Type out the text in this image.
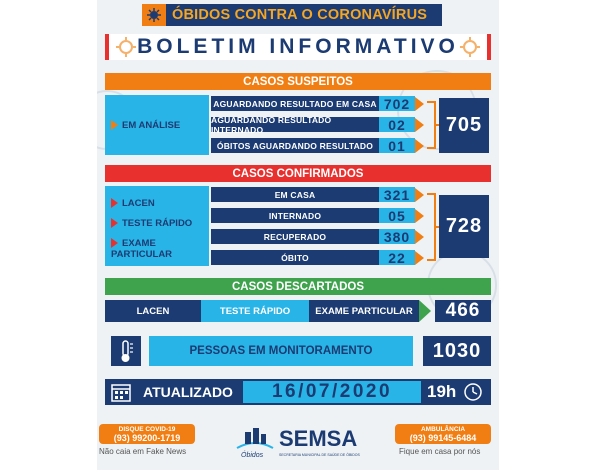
ÓBIDOS CONTRA O CORONAVÍRUS
BOLETIM INFORMATIVO
CASOS SUSPEITOS
EM ANÁLISE
AGUARDANDO RESULTADO EM CASA 702
AGUARDANDO RESULTADO INTERNADO	02
ÓBITOS AGUARDANDO RESULTADO	01
705
CASOS CONFIRMADOS
LACEN
TESTE RÁPIDO
EXAME PARTICULAR
EM CASA	321
INTERNADO	05
RECUPERADO	380
ÓBITO	22
728
CASOS DESCARTADOS
LACEN	TESTE RÁPIDO	EXAME PARTICULAR	466
PESSOAS EM MONITORAMENTO	1030
ATUALIZADO	16/07/2020	19h
DISQUE COVID-19
(93) 99200-1719
Não caia em Fake News	Óbidos
SEMSA
SECRETARIA MUNICIPAL DE SAÚDE DE ÓBIDOS
AMBULÂNCIA
(93) 99145-6484
Fique em casa por nós
